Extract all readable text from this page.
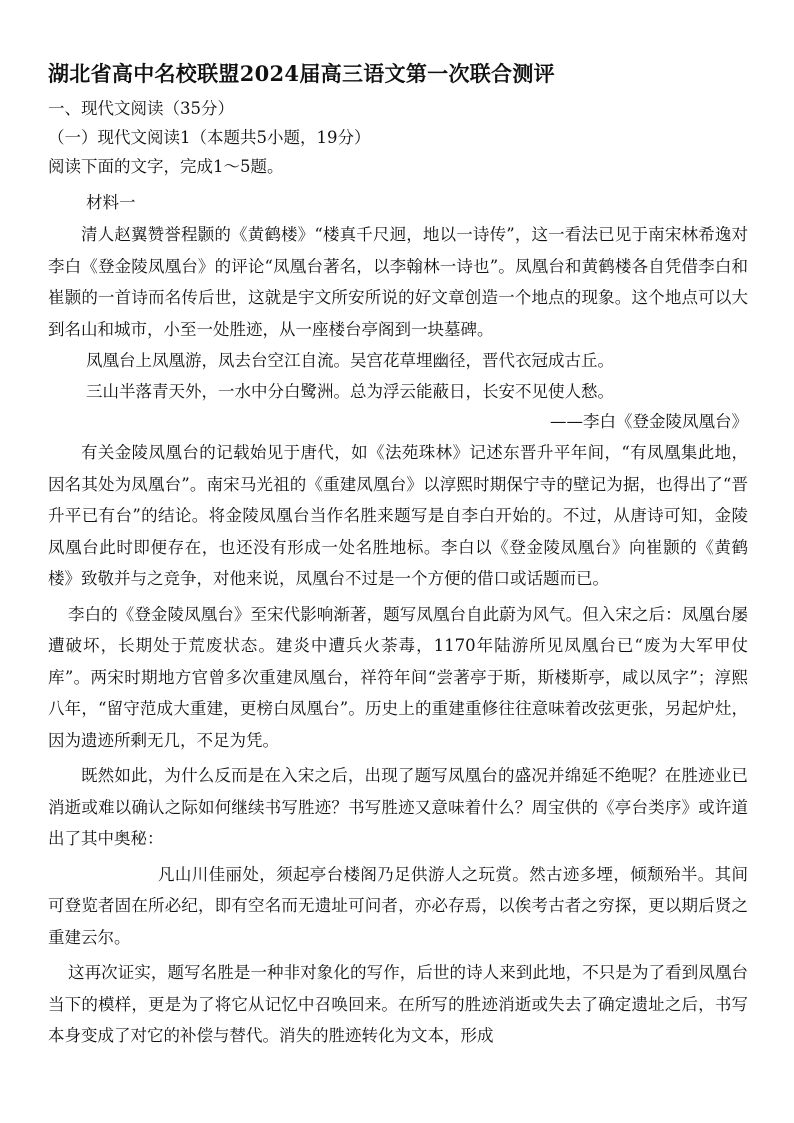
湖北省高中名校联盟2024届高三语文第一次联合测评

一、现代文阅读（35分）

（一）现代文阅读1（本题共5小题，19分）

阅读下面的文字，完成1～5题。

材料一

清人赵翼赞誉程颢的《黄鹤楼》“楼真千尺迥，地以一诗传”，这一看法已见于南宋林希逸对李白《登金陵凤凰台》的评论“凤凰台著名，以李翰林一诗也”。凤凰台和黄鹤楼各自凭借李白和崔颢的一首诗而名传后世，这就是宇文所安所说的好文章创造一个地点的现象。这个地点可以大到名山和城市，小至一处胜迹，从一座楼台亭阁到一块墓碑。

凤凰台上凤凰游，凤去台空江自流。吴宫花草埋幽径，晋代衣冠成古丘。

三山半落青天外，一水中分白鹭洲。总为浮云能蔽日，长安不见使人愁。

——李白《登金陵凤凰台》

有关金陵凤凰台的记载始见于唐代，如《法苑珠林》记述东晋升平年间，“有凤凰集此地，因名其处为凤凰台”。南宋马光祖的《重建凤凰台》以淳熙时期保宁寺的壁记为据，也得出了“晋升平已有台”的结论。将金陵凤凰台当作名胜来题写是自李白开始的。不过，从唐诗可知，金陵凤凰台此时即便存在，也还没有形成一处名胜地标。李白以《登金陵凤凰台》向崔颢的《黄鹤楼》致敬并与之竞争，对他来说，凤凰台不过是一个方便的借口或话题而已。

李白的《登金陵凤凰台》至宋代影响渐著，题写凤凰台自此蔚为风气。但入宋之后：凤凰台屡遭破坏，长期处于荒废状态。建炎中遭兵火荼毒，1170年陆游所见凤凰台已“废为大军甲仗库”。两宋时期地方官曾多次重建凤凰台，祥符年间“尝著亭于斯，斯楼斯亭，咸以凤字”；淳熙八年，“留守范成大重建，更榜白凤凰台”。历史上的重建重修往往意味着改弦更张，另起炉灶，因为遗迹所剩无几，不足为凭。

既然如此，为什么反而是在入宋之后，出现了题写凤凰台的盛况并绵延不绝呢？在胜迹业已消逝或难以确认之际如何继续书写胜迹？书写胜迹又意味着什么？周宝供的《亭台类序》或许道出了其中奥秘：

凡山川佳丽处，须起亭台楼阁乃足供游人之玩赏。然古迹多堙，倾颓殆半。其间可登览者固在所必纪，即有空名而无遗址可问者，亦必存焉，以俟考古者之穷探，更以期后贤之重建云尔。

这再次证实，题写名胜是一种非对象化的写作，后世的诗人来到此地，不只是为了看到凤凰台当下的模样，更是为了将它从记忆中召唤回来。在所写的胜迹消逝或失去了确定遗址之后，书写本身变成了对它的补偿与替代。消失的胜迹转化为文本，形成
